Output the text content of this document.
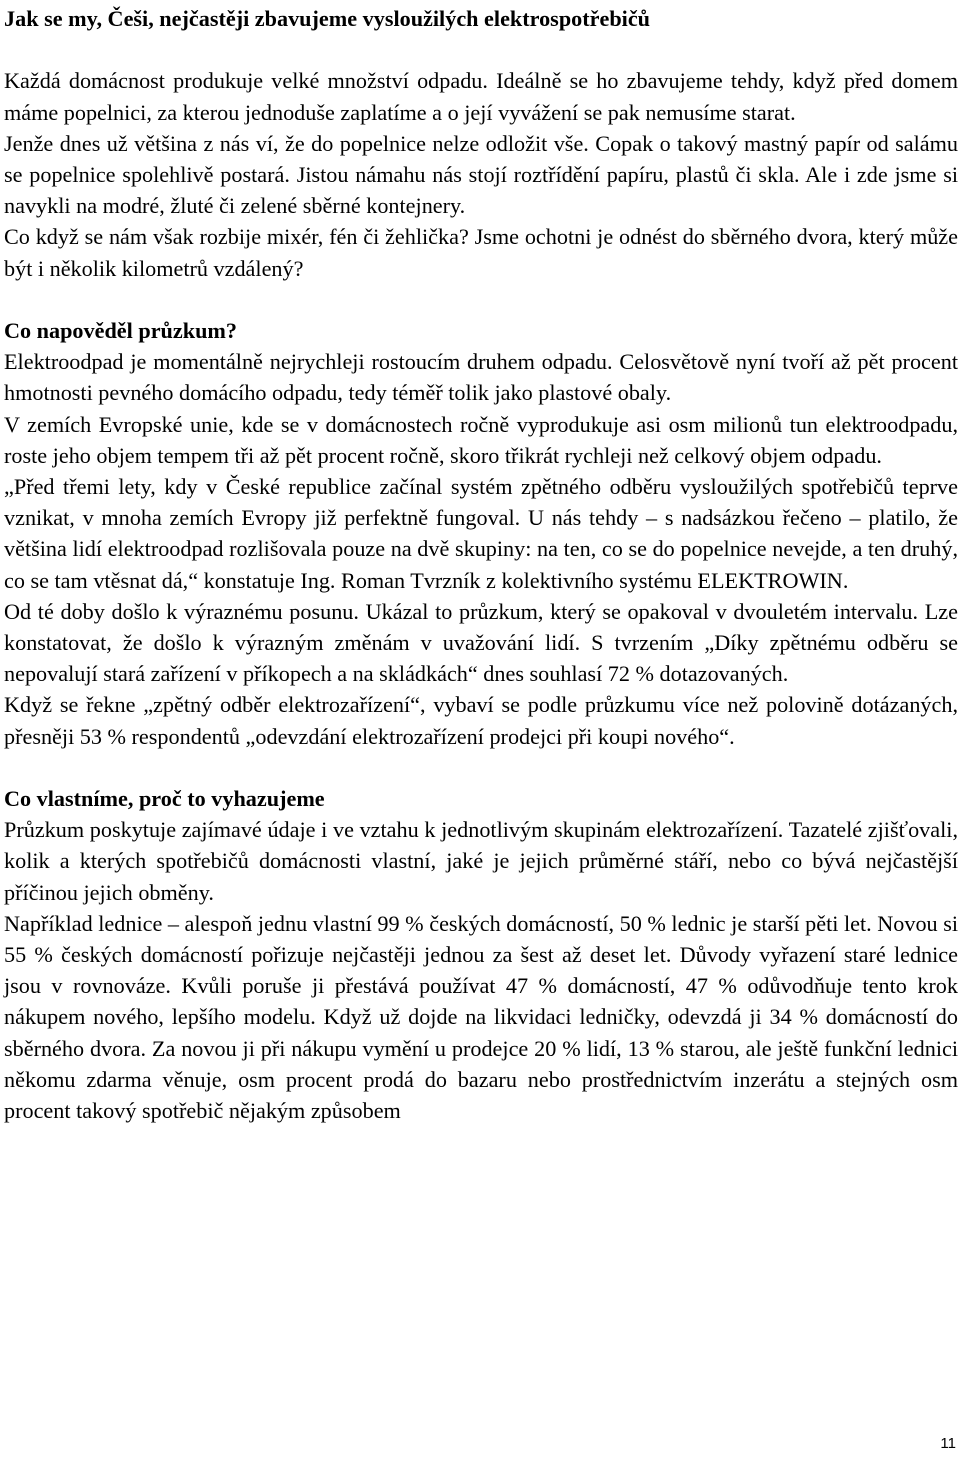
Jak se my, Češi, nejčastěji zbavujeme vysloužilých elektrospotřebičů
Každá domácnost produkuje velké množství odpadu. Ideálně se ho zbavujeme tehdy, když před domem máme popelnici, za kterou jednoduše zaplatíme a o její vyvážení se pak nemusíme starat.
Jenže dnes už většina z nás ví, že do popelnice nelze odložit vše. Copak o takový mastný papír od salámu se popelnice spolehlivě postará. Jistou námahu nás stojí roztřídění papíru, plastů či skla. Ale i zde jsme si navykli na modré, žluté či zelené sběrné kontejnery.
Co když se nám však rozbije mixér, fén či žehlička? Jsme ochotni je odnést do sběrného dvora, který může být i několik kilometrů vzdálený?
Co napověděl průzkum?
Elektroodpad je momentálně nejrychleji rostoucím druhem odpadu. Celosvětově nyní tvoří až pět procent hmotnosti pevného domácího odpadu, tedy téměř tolik jako plastové obaly.
V zemích Evropské unie, kde se v domácnostech ročně vyprodukuje asi osm milionů tun elektroodpadu, roste jeho objem tempem tři až pět procent ročně, skoro třikrát rychleji než celkový objem odpadu.
„Před třemi lety, kdy v České republice začínal systém zpětného odběru vysloužilých spotřebičů teprve vznikat, v mnoha zemích Evropy již perfektně fungoval. U nás tehdy – s nadsázkou řečeno – platilo, že většina lidí elektroodpad rozlišovala pouze na dvě skupiny: na ten, co se do popelnice nevejde, a ten druhý, co se tam vtěsnat dá,“ konstatuje Ing. Roman Tvrzník z kolektivního systému ELEKTROWIN.
Od té doby došlo k výraznému posunu. Ukázal to průzkum, který se opakoval v dvouletém intervalu. Lze konstatovat, že došlo k výrazným změnám v uvažování lidí. S tvrzením „Díky zpětnému odběru se nepovalují stará zařízení v příkopech a na skládkách“ dnes souhlasí 72 % dotazovaných.
Když se řekne „zpětný odběr elektrozařízení“, vybaví se podle průzkumu více než polovině dotázaných, přesněji 53 % respondentů „odevzdání elektrozařízení prodejci při koupi nového“.
Co vlastníme, proč to vyhazujeme
Průzkum poskytuje zajímavé údaje i ve vztahu k jednotlivým skupinám elektrozařízení. Tazatelé zjišťovali, kolik a kterých spotřebičů domácnosti vlastní, jaké je jejich průměrné stáří, nebo co bývá nejčastější příčinou jejich obměny.
Například lednice – alespoň jednu vlastní 99 % českých domácností, 50 % lednic je starší pěti let. Novou si 55 % českých domácností pořizuje nejčastěji jednou za šest až deset let. Důvody vyřazení staré lednice jsou v rovnováze. Kvůli poruše ji přestává používat 47 % domácností, 47 % odůvodňuje tento krok nákupem nového, lepšího modelu. Když už dojde na likvidaci ledničky, odevzdá ji 34 % domácností do sběrného dvora. Za novou ji při nákupu vymění u prodejce 20 % lidí, 13 % starou, ale ještě funkční lednici někomu zdarma věnuje, osm procent prodá do bazaru nebo prostřednictvím inzerátu a stejných osm procent takový spotřebič nějakým způsobem
11
